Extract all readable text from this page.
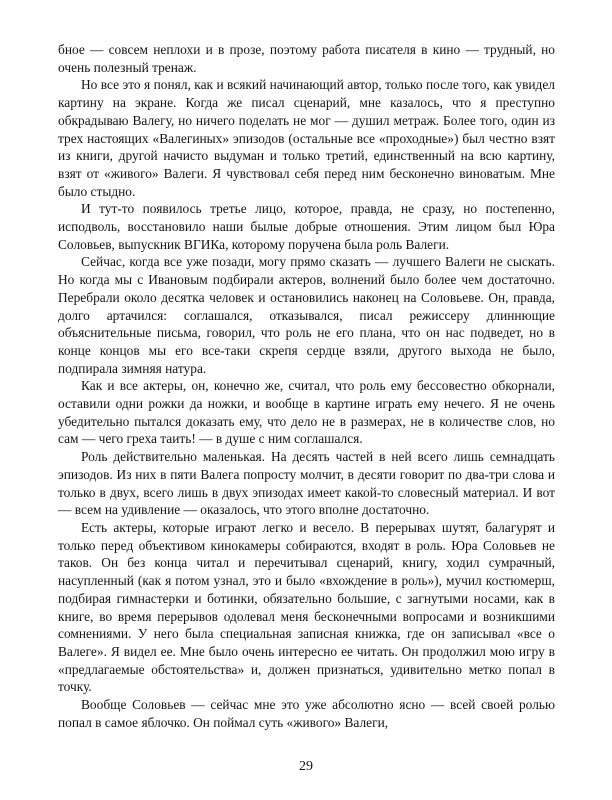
бное — совсем неплохи и в прозе, поэтому работа писателя в кино — трудный, но очень полезный тренаж.

Но все это я понял, как и всякий начинающий автор, только после того, как увидел картину на экране. Когда же писал сценарий, мне казалось, что я преступно обкрадываю Валегу, но ничего поделать не мог — душил метраж. Более того, один из трех настоящих «Валегиных» эпизодов (остальные все «проходные») был честно взят из книги, другой начисто выдуман и только третий, единственный на всю картину, взят от «живого» Валеги. Я чувствовал себя перед ним бесконечно виноватым. Мне было стыдно.

И тут-то появилось третье лицо, которое, правда, не сразу, но постепенно, исподволь, восстановило наши былые добрые отношения. Этим лицом был Юра Соловьев, выпускник ВГИКа, которому поручена была роль Валеги.

Сейчас, когда все уже позади, могу прямо сказать — лучшего Валеги не сыскать. Но когда мы с Ивановым подбирали актеров, волнений было более чем достаточно. Перебрали около десятка человек и остановились наконец на Соловьеве. Он, правда, долго артачился: соглашался, отказывался, писал режиссеру длиннющие объяснительные письма, говорил, что роль не его плана, что он нас подведет, но в конце концов мы его все-таки скрепя сердце взяли, другого выхода не было, подпирала зимняя натура.

Как и все актеры, он, конечно же, считал, что роль ему бессовестно обкорнали, оставили одни рожки да ножки, и вообще в картине играть ему нечего. Я не очень убедительно пытался доказать ему, что дело не в размерах, не в количестве слов, но сам — чего греха таить! — в душе с ним соглашался.

Роль действительно маленькая. На десять частей в ней всего лишь семнадцать эпизодов. Из них в пяти Валега попросту молчит, в десяти говорит по два-три слова и только в двух, всего лишь в двух эпизодах имеет какой-то словесный материал. И вот — всем на удивление — оказалось, что этого вполне достаточно.

Есть актеры, которые играют легко и весело. В перерывах шутят, балагурят и только перед объективом кинокамеры собираются, входят в роль. Юра Соловьев не таков. Он без конца читал и перечитывал сценарий, книгу, ходил сумрачный, насупленный (как я потом узнал, это и было «вхождение в роль»), мучил костюмерш, подбирая гимнастерки и ботинки, обязательно большие, с загнутыми носами, как в книге, во время перерывов одолевал меня бесконечными вопросами и возникшими сомнениями. У него была специальная записная книжка, где он записывал «все о Валеге». Я видел ее. Мне было очень интересно ее читать. Он продолжил мою игру в «предлагаемые обстоятельства» и, должен признаться, удивительно метко попал в точку.

Вообще Соловьев — сейчас мне это уже абсолютно ясно — всей своей ролью попал в самое яблочко. Он поймал суть «живого» Валеги,

29
